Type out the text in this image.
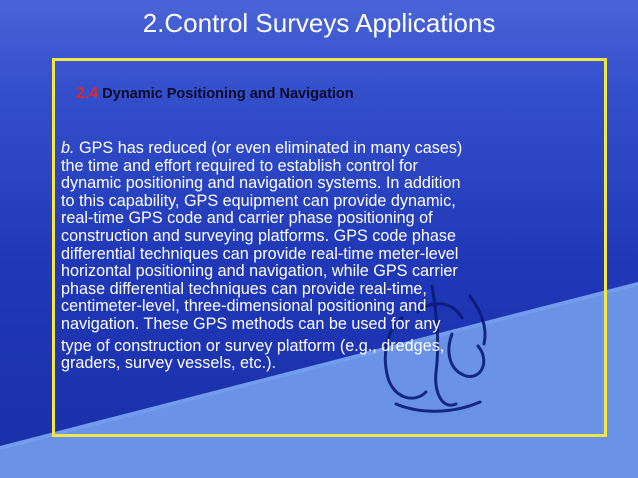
2.Control Surveys Applications
2.4 Dynamic Positioning and Navigation

b. GPS has reduced (or even eliminated in many cases)
the time and effort required to establish control for
dynamic positioning and navigation systems. In addition
to this capability, GPS equipment can provide dynamic,
real-time GPS code and carrier phase positioning of
construction and surveying platforms. GPS code phase
differential techniques can provide real-time meter-level
horizontal positioning and navigation, while GPS carrier
phase differential techniques can provide real-time,
centimeter-level, three-dimensional positioning and
navigation. These GPS methods can be used for any
type of construction or survey platform (e.g., dredges,
graders, survey vessels, etc.).
